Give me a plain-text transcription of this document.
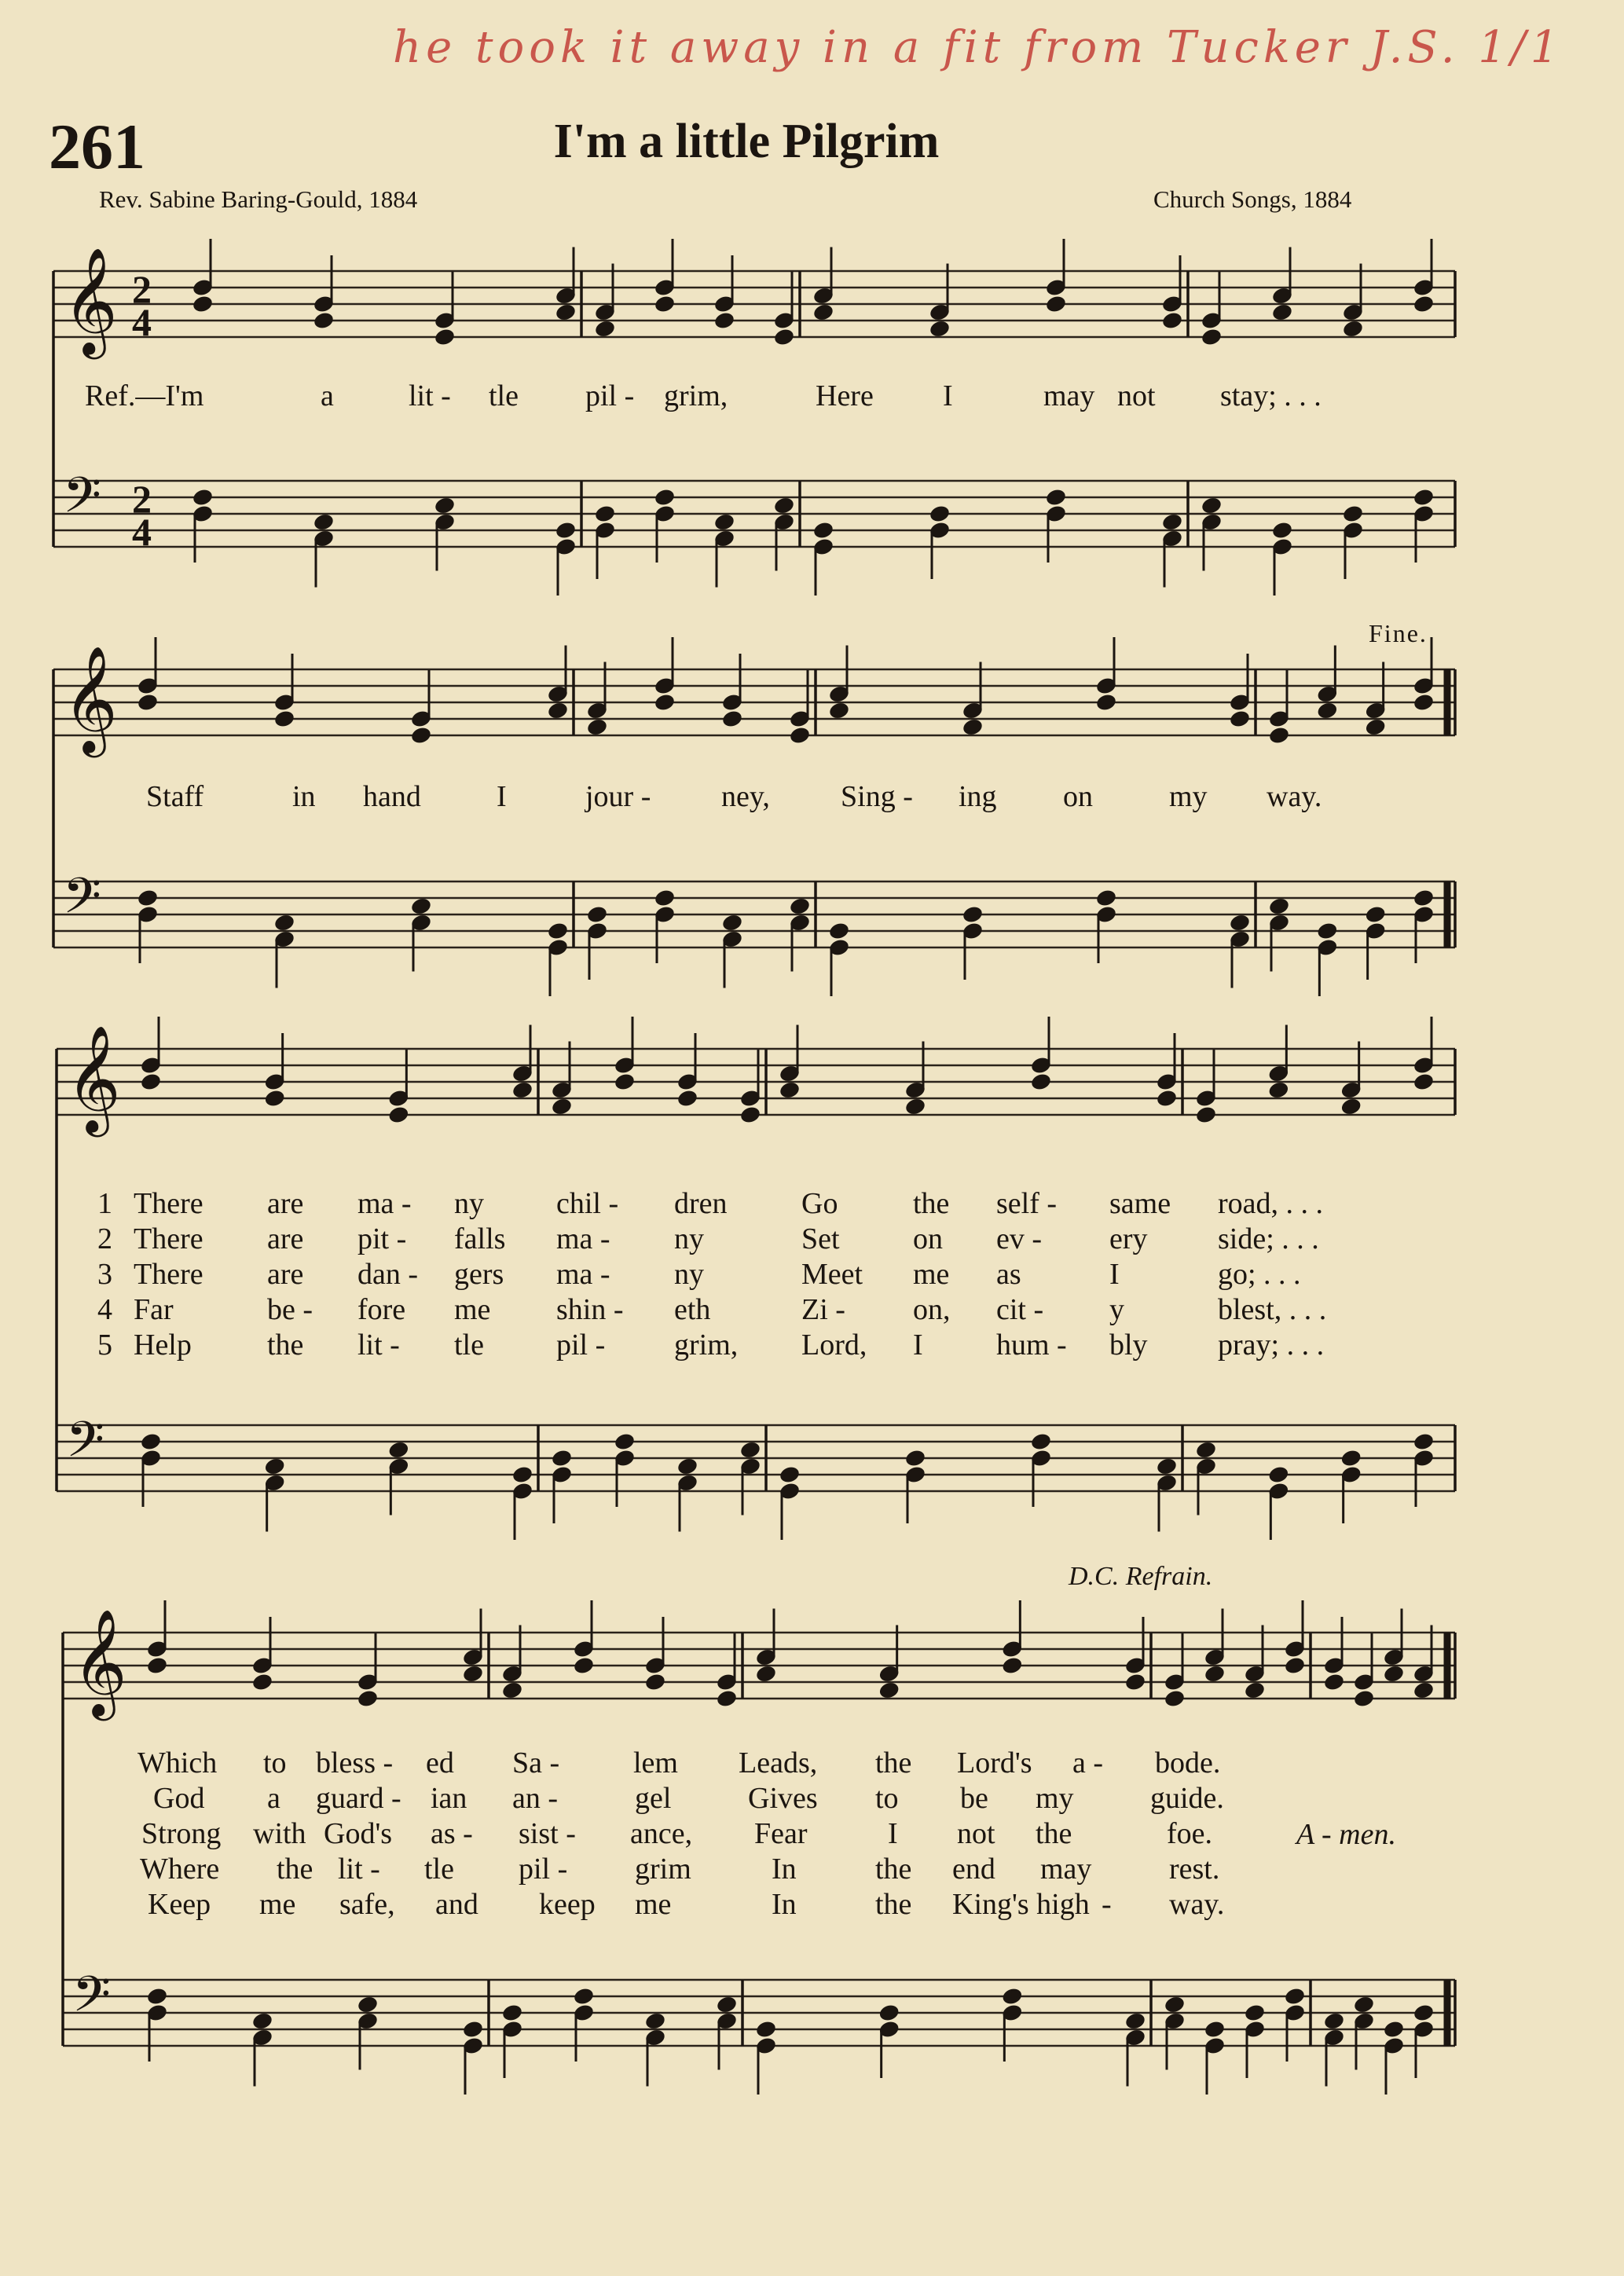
he took it away in a fit from Tucker J.S. 1/1
261	I'm a little Pilgrim
Rev. Sabine Baring-Gould, 1884	Church Songs, 1884
𝄞 2
4
𝄢 2
4
𝄞
𝄢
𝄞
𝄢
𝄞
𝄢
Ref.—I'm	a	lit - tle pil - grim,	Here I	may not stay; . . .
Staff	in hand	I	jour - ney, Sing - ing on	my way.
1 There are ma - ny chil - dren Go	the self - same road, . . .
Which to bless - ed Sa - lem Leads, the Lord's a - bode.
2 There are pit - falls ma - ny	Set on ev - ery side; . . .
God a guard - ian an -	gel	Gives to be my	guide.
3 There are dan - gers ma - ny	Meet me as	I	go; . . .
Strong with God's as - sist - ance, Fear	I not the	foe.
4 Far	be - fore me shin - eth	Zi - on, cit - y	blest, . . .
Where the lit - tle pil - grim	In	the end may	rest.
5 Help	the lit - tle pil - grim, Lord, I hum - bly pray; . . .
Keep me safe, and keep me	In	the King's high - way.
Fine.
D.C. Refrain.
A - men.
